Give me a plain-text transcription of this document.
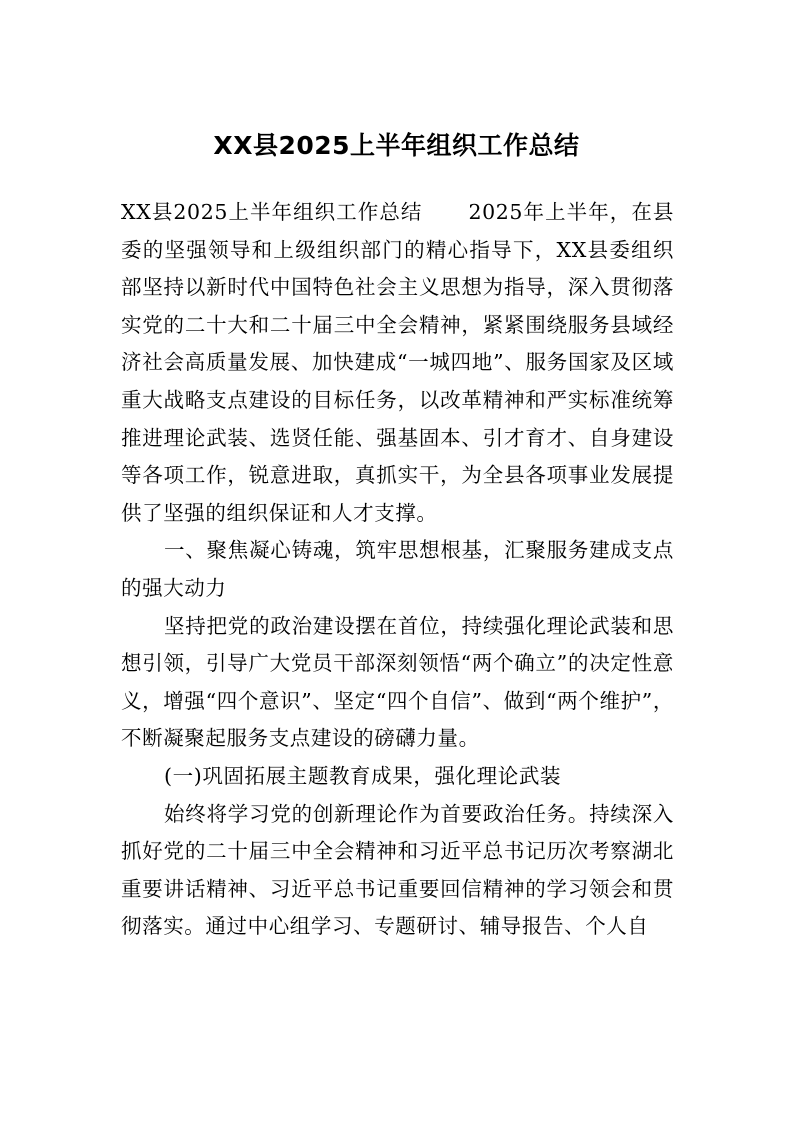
XX县2025上半年组织工作总结

XX县2025上半年组织工作总结 2025年上半年，在县委的坚强领导和上级组织部门的精心指导下，XX县委组织部坚持以新时代中国特色社会主义思想为指导，深入贯彻落实党的二十大和二十届三中全会精神，紧紧围绕服务县域经济社会高质量发展、加快建成“一城四地”、服务国家及区域重大战略支点建设的目标任务，以改革精神和严实标准统筹推进理论武装、选贤任能、强基固本、引才育才、自身建设等各项工作，锐意进取，真抓实干，为全县各项事业发展提供了坚强的组织保证和人才支撑。

一、聚焦凝心铸魂，筑牢思想根基，汇聚服务建成支点的强大动力

坚持把党的政治建设摆在首位，持续强化理论武装和思想引领，引导广大党员干部深刻领悟“两个确立”的决定性意义，增强“四个意识”、坚定“四个自信”、做到“两个维护”，不断凝聚起服务支点建设的磅礴力量。

(一)巩固拓展主题教育成果，强化理论武装

始终将学习党的创新理论作为首要政治任务。持续深入抓好党的二十届三中全会精神和习近平总书记历次考察湖北重要讲话精神、习近平总书记重要回信精神的学习领会和贯彻落实。通过中心组学习、专题研讨、辅导报告、个人自
